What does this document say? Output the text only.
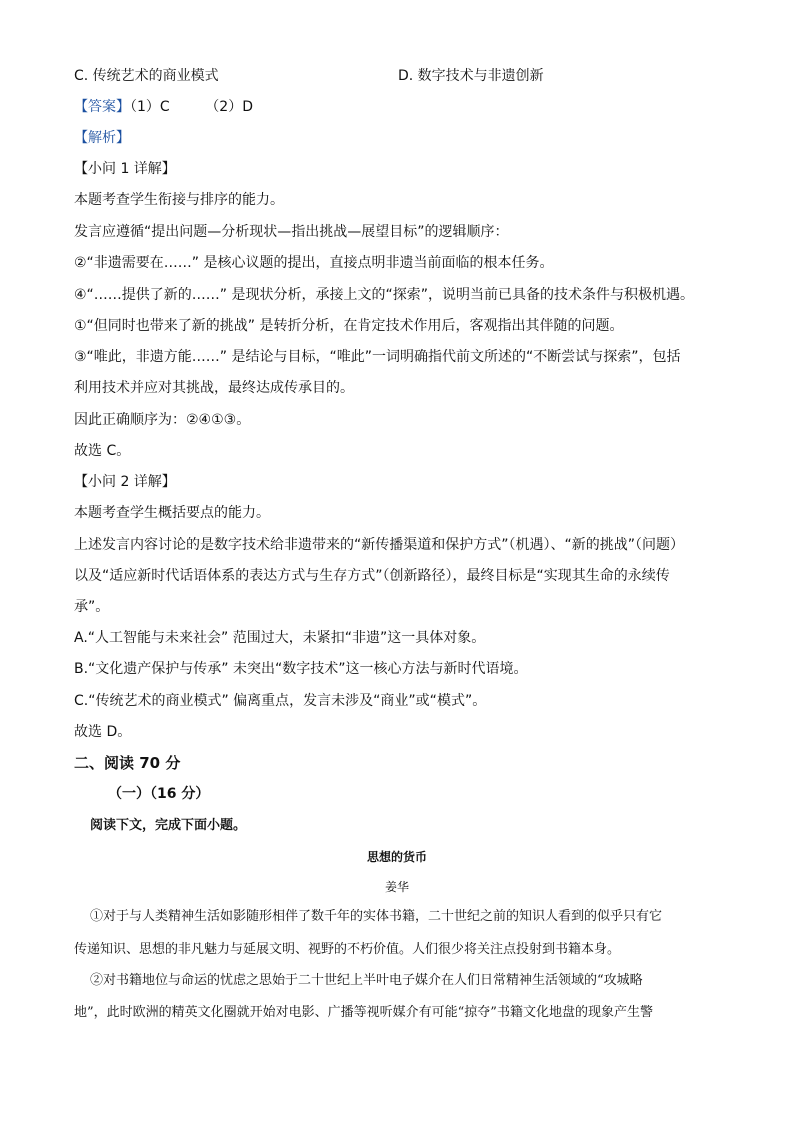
C. 传统艺术的商业模式	D. 数字技术与非遗创新
【答案】（1）C        （2）D
【解析】
【小问 1 详解】
本题考查学生衔接与排序的能力。
发言应遵循“提出问题—分析现状—指出挑战—展望目标”的逻辑顺序：
②“非遗需要在……” 是核心议题的提出，直接点明非遗当前面临的根本任务。
④“……提供了新的……” 是现状分析，承接上文的“探索”，说明当前已具备的技术条件与积极机遇。
①“但同时也带来了新的挑战” 是转折分析，在肯定技术作用后，客观指出其伴随的问题。
③“唯此，非遗方能……” 是结论与目标，“唯此”一词明确指代前文所述的“不断尝试与探索”，包括
利用技术并应对其挑战，最终达成传承目的。
因此正确顺序为：②④①③。
故选 C。
【小问 2 详解】
本题考查学生概括要点的能力。
上述发言内容讨论的是数字技术给非遗带来的“新传播渠道和保护方式”（机遇）、“新的挑战”（问题）
以及“适应新时代话语体系的表达方式与生存方式”（创新路径），最终目标是“实现其生命的永续传
承”。
A.“人工智能与未来社会” 范围过大，未紧扣“非遗”这一具体对象。
B.“文化遗产保护与传承” 未突出“数字技术”这一核心方法与新时代语境。
C.“传统艺术的商业模式” 偏离重点，发言未涉及“商业”或“模式”。
故选 D。
二、阅读 70 分
（一）（16 分）
阅读下文，完成下面小题。
思想的货币
姜华
①对于与人类精神生活如影随形相伴了数千年的实体书籍，二十世纪之前的知识人看到的似乎只有它
传递知识、思想的非凡魅力与延展文明、视野的不朽价值。人们很少将关注点投射到书籍本身。
②对书籍地位与命运的忧虑之思始于二十世纪上半叶电子媒介在人们日常精神生活领域的“攻城略
地”，此时欧洲的精英文化圈就开始对电影、广播等视听媒介有可能“掠夺”书籍文化地盘的现象产生警
